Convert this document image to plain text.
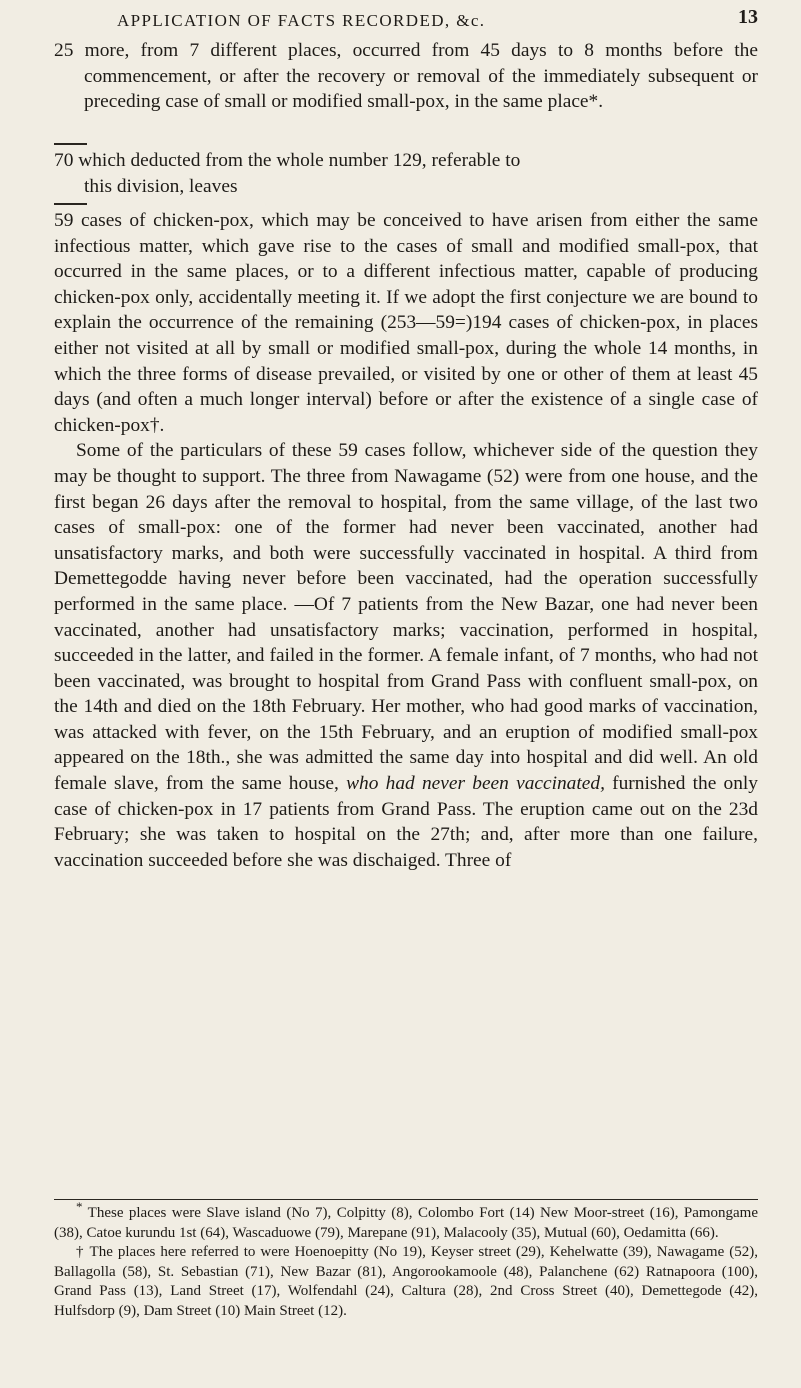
APPLICATION OF FACTS RECORDED, &c.	13

25 more, from 7 different places, occurred from 45 days to 8 months before the commencement, or after the recovery or removal of the immediately subsequent or preceding case of small or modified small-pox, in the same place*.

70 which deducted from the whole number 129, referable to this division, leaves

59 cases of chicken-pox, which may be conceived to have arisen from either the same infectious matter, which gave rise to the cases of small and modified small-pox, that occurred in the same places, or to a different infectious matter, capable of producing chicken-pox only, accidentally meeting it. If we adopt the first conjecture we are bound to explain the occurrence of the remaining (253—59=)194 cases of chicken-pox, in places either not visited at all by small or modified small-pox, during the whole 14 months, in which the three forms of disease prevailed, or visited by one or other of them at least 45 days (and often a much longer interval) before or after the existence of a single case of chicken-pox†.

Some of the particulars of these 59 cases follow, whichever side of the question they may be thought to support. The three from Nawagame (52) were from one house, and the first began 26 days after the removal to hospital, from the same village, of the last two cases of small-pox: one of the former had never been vaccinated, another had unsatisfactory marks, and both were successfully vaccinated in hospital. A third from Demettegodde having never before been vaccinated, had the operation successfully performed in the same place. —Of 7 patients from the New Bazar, one had never been vaccinated, another had unsatisfactory marks; vaccination, performed in hospital, succeeded in the latter, and failed in the former. A female infant, of 7 months, who had not been vaccinated, was brought to hospital from Grand Pass with confluent small-pox, on the 14th and died on the 18th February. Her mother, who had good marks of vaccination, was attacked with fever, on the 15th February, and an eruption of modified small-pox appeared on the 18th., she was admitted the same day into hospital and did well. An old female slave, from the same house, who had never been vaccinated, furnished the only case of chicken-pox in 17 patients from Grand Pass. The eruption came out on the 23d February; she was taken to hospital on the 27th; and, after more than one failure, vaccination succeeded before she was dischaiged. Three of

* These places were Slave island (No 7), Colpitty (8), Colombo Fort (14) New Moor-street (16), Pamongame (38), Catoe kurundu 1st (64), Wascaduowe (79), Marepane (91), Malacooly (35), Mutual (60), Oedamitta (66).

† The places here referred to were Hoenoepitty (No 19), Keyser street (29), Kehelwatte (39), Nawagame (52), Ballagolla (58), St. Sebastian (71), New Bazar (81), Angorookamoole (48), Palanchene (62) Ratnapoora (100), Grand Pass (13), Land Street (17), Wolfendahl (24), Caltura (28), 2nd Cross Street (40), Demettegode (42), Hulfsdorp (9), Dam Street (10) Main Street (12).
